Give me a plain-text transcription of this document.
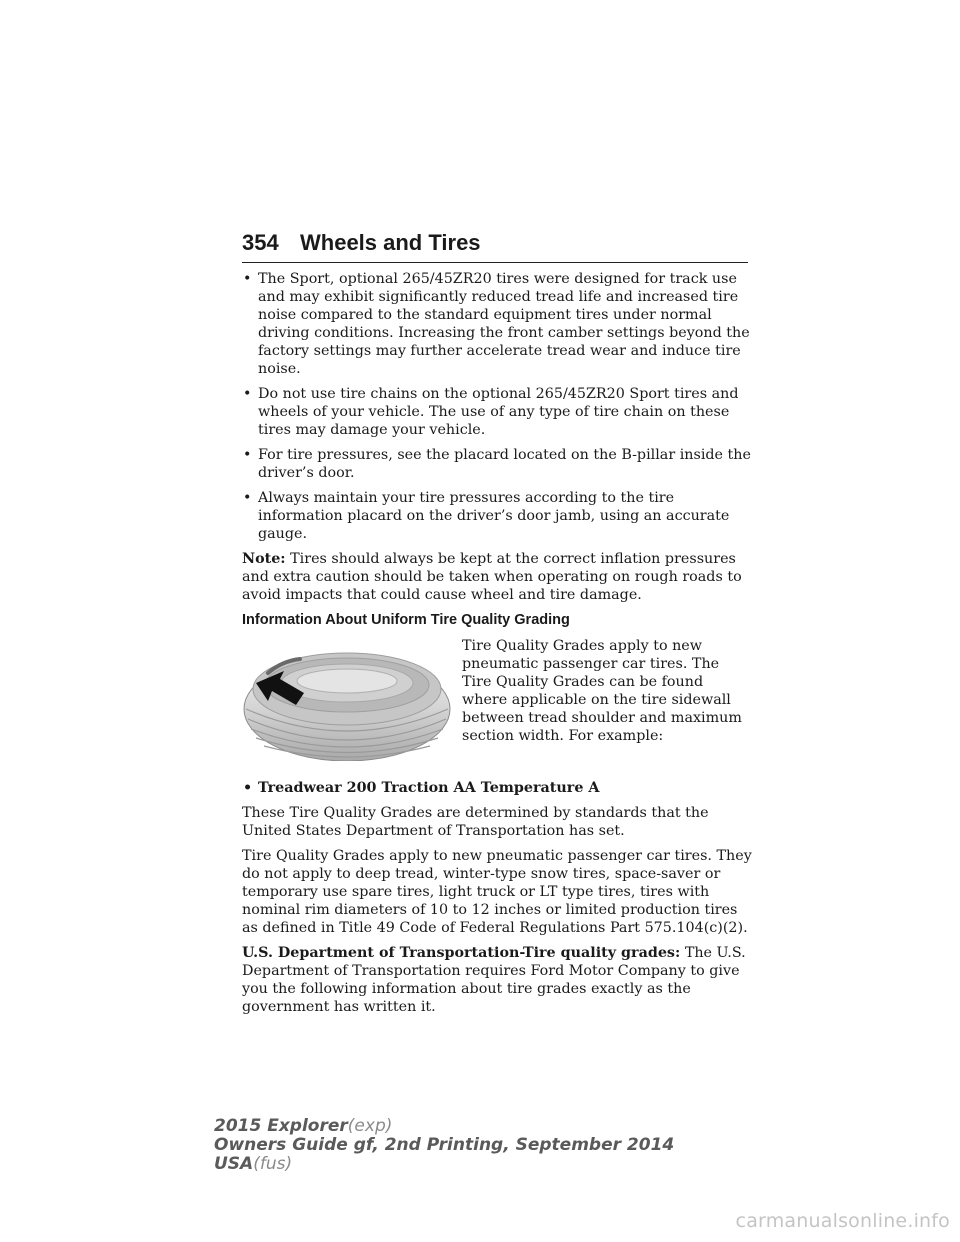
354 Wheels and Tires
• The Sport, optional 265/45ZR20 tires were designed for track use and may exhibit significantly reduced tread life and increased tire noise compared to the standard equipment tires under normal driving conditions. Increasing the front camber settings beyond the factory settings may further accelerate tread wear and induce tire noise.
• Do not use tire chains on the optional 265/45ZR20 Sport tires and wheels of your vehicle. The use of any type of tire chain on these tires may damage your vehicle.
• For tire pressures, see the placard located on the B-pillar inside the driver’s door.
• Always maintain your tire pressures according to the tire information placard on the driver’s door jamb, using an accurate gauge.

Note: Tires should always be kept at the correct inflation pressures and extra caution should be taken when operating on rough roads to avoid impacts that could cause wheel and tire damage.

Information About Uniform Tire Quality Grading
Tire Quality Grades apply to new pneumatic passenger car tires. The Tire Quality Grades can be found where applicable on the tire sidewall between tread shoulder and maximum section width. For example:
• Treadwear 200 Traction AA Temperature A

These Tire Quality Grades are determined by standards that the United States Department of Transportation has set.

Tire Quality Grades apply to new pneumatic passenger car tires. They do not apply to deep tread, winter-type snow tires, space-saver or temporary use spare tires, light truck or LT type tires, tires with nominal rim diameters of 10 to 12 inches or limited production tires as defined in Title 49 Code of Federal Regulations Part 575.104(c)(2).

U.S. Department of Transportation-Tire quality grades: The U.S. Department of Transportation requires Ford Motor Company to give you the following information about tire grades exactly as the government has written it.

2015 Explorer(exp)
Owners Guide gf, 2nd Printing, September 2014
USA(fus)
carmanualsonline.info
